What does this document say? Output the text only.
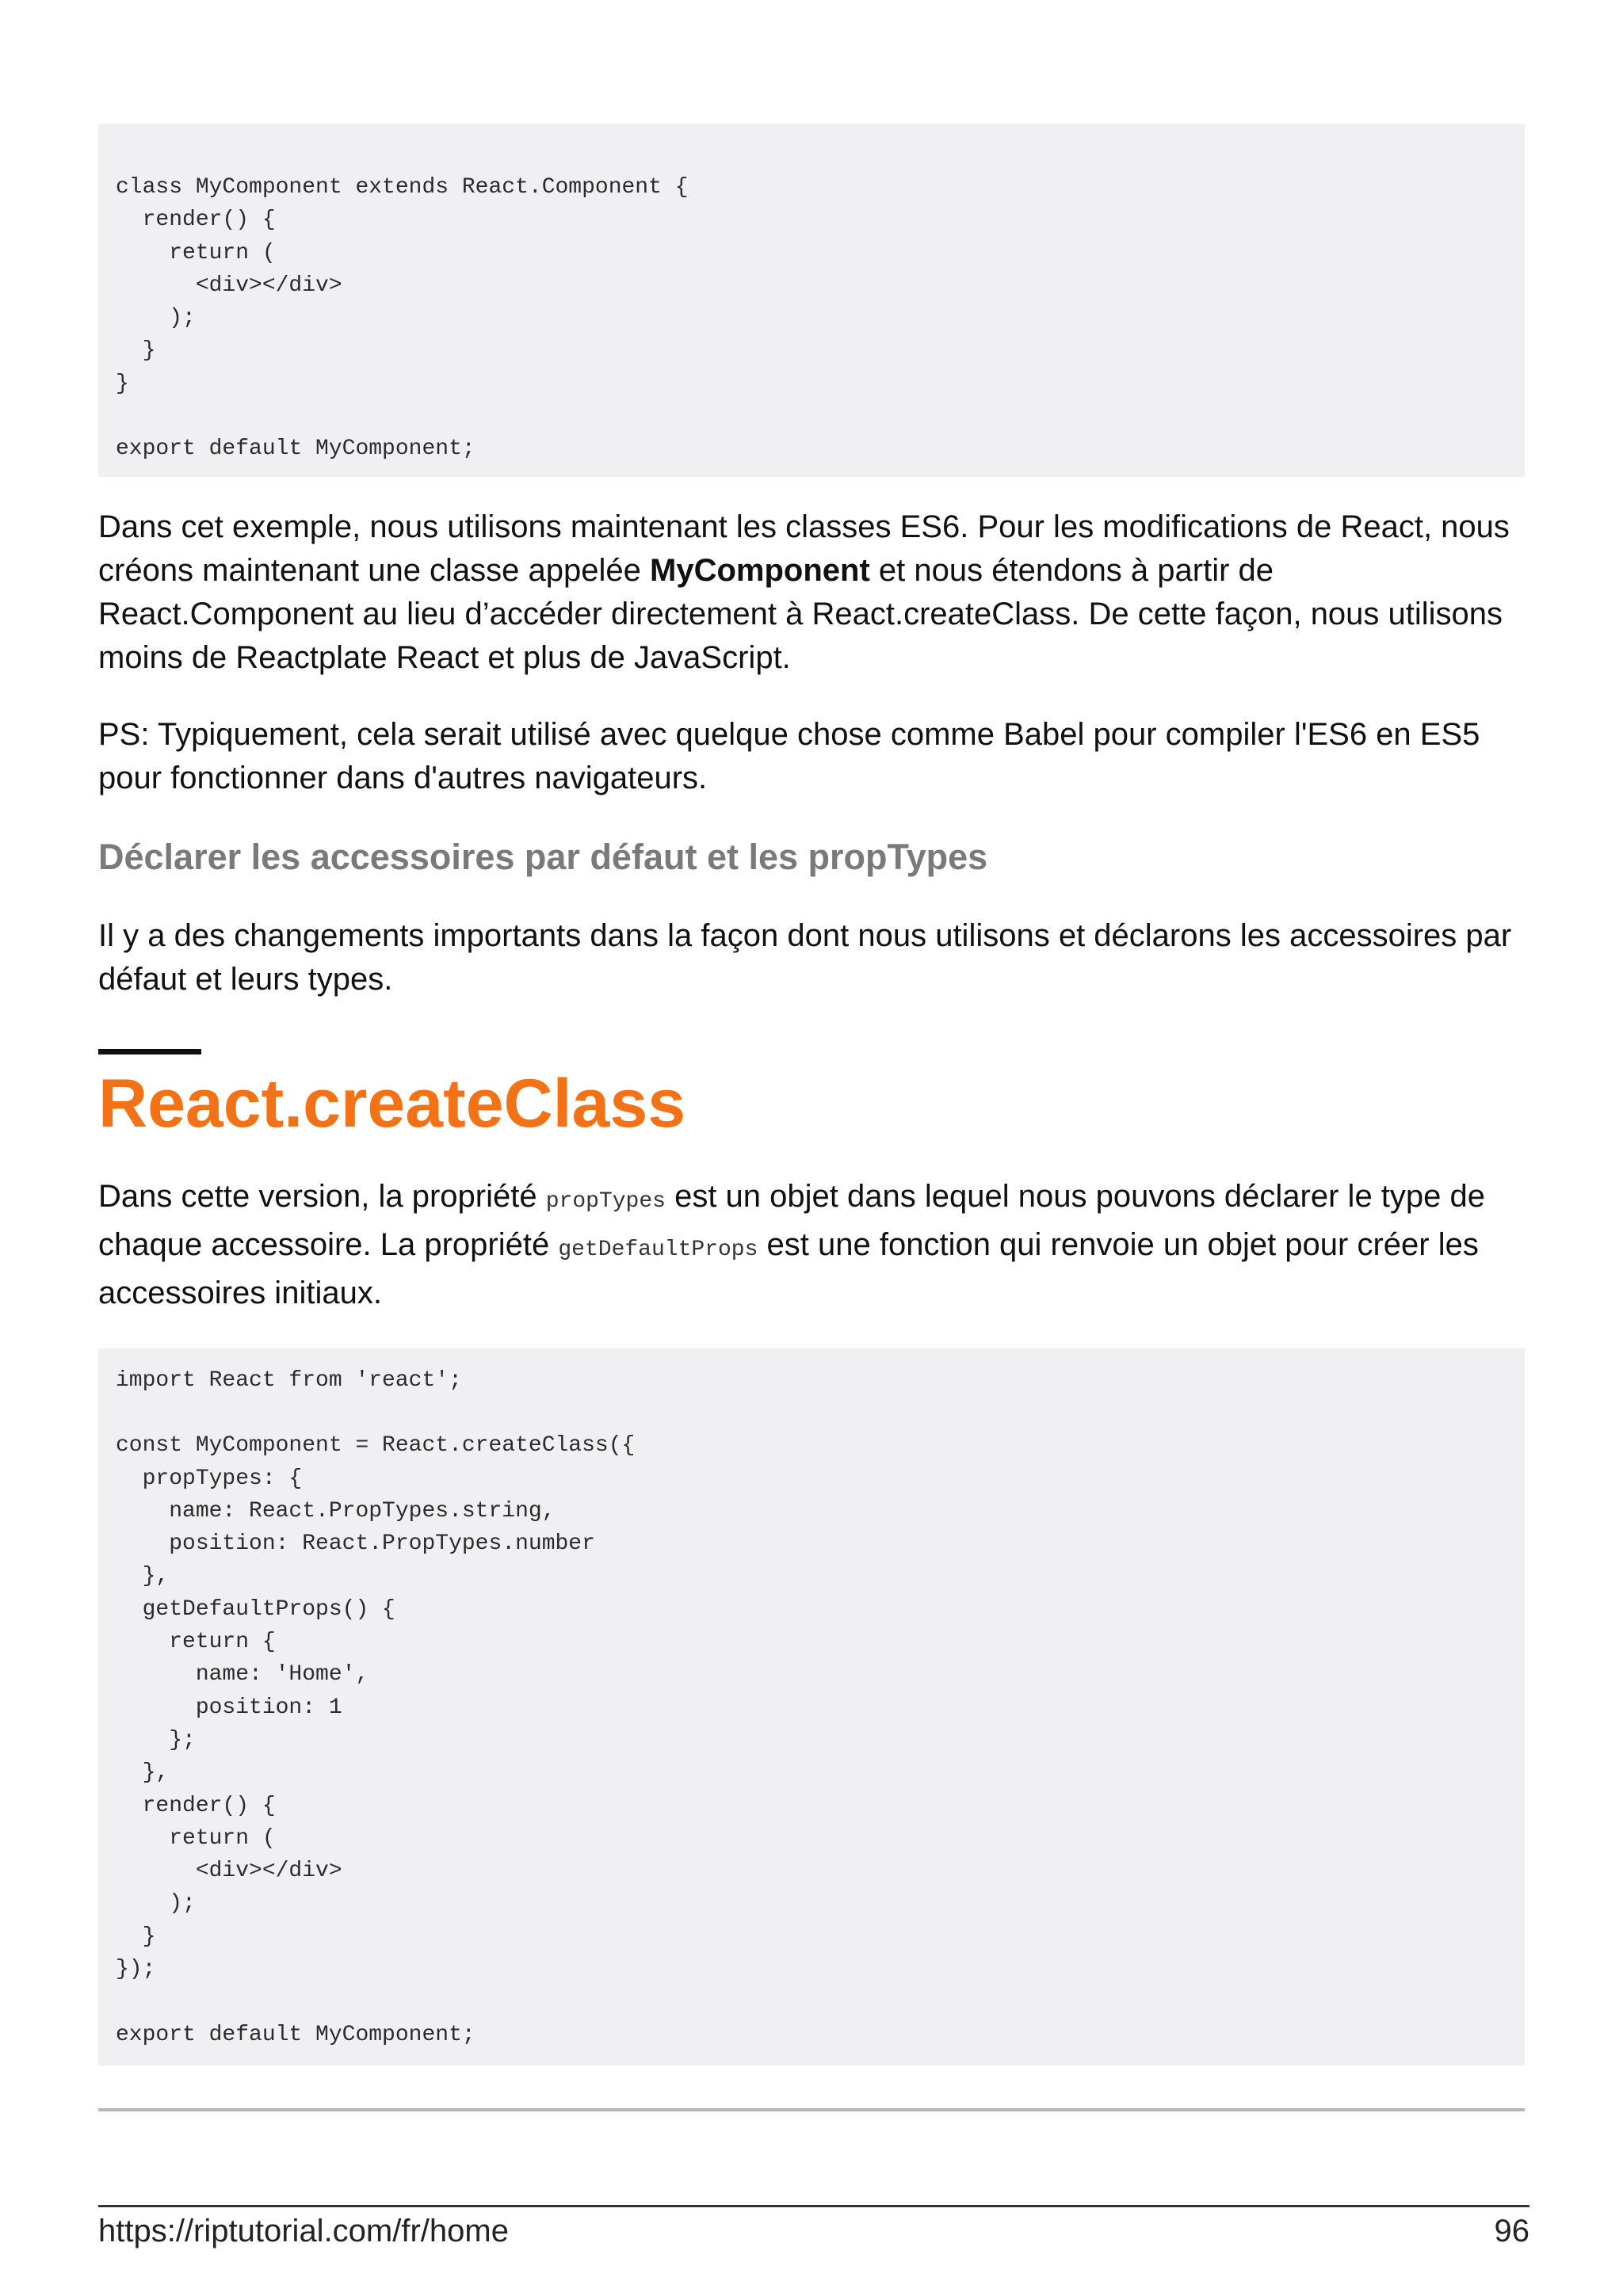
class MyComponent extends React.Component {
render() {
return (
<div></div>
);
}
}

export default MyComponent;

Dans cet exemple, nous utilisons maintenant les classes ES6. Pour les modifications de React, nous créons maintenant une classe appelée MyComponent et nous étendons à partir de React.Component au lieu d’accéder directement à React.createClass. De cette façon, nous utilisons moins de Reactplate React et plus de JavaScript.

PS: Typiquement, cela serait utilisé avec quelque chose comme Babel pour compiler l'ES6 en ES5 pour fonctionner dans d'autres navigateurs.

Déclarer les accessoires par défaut et les propTypes

Il y a des changements importants dans la façon dont nous utilisons et déclarons les accessoires par défaut et leurs types.

React.createClass

Dans cette version, la propriété propTypes est un objet dans lequel nous pouvons déclarer le type de chaque accessoire. La propriété getDefaultProps est une fonction qui renvoie un objet pour créer les accessoires initiaux.

import React from 'react';

const MyComponent = React.createClass({
propTypes: {
name: React.PropTypes.string,
position: React.PropTypes.number
},
getDefaultProps() {
return {
name: 'Home',
position: 1
};
},
render() {
return (
<div></div>
);
}
});

export default MyComponent;
https://riptutorial.com/fr/home	96
